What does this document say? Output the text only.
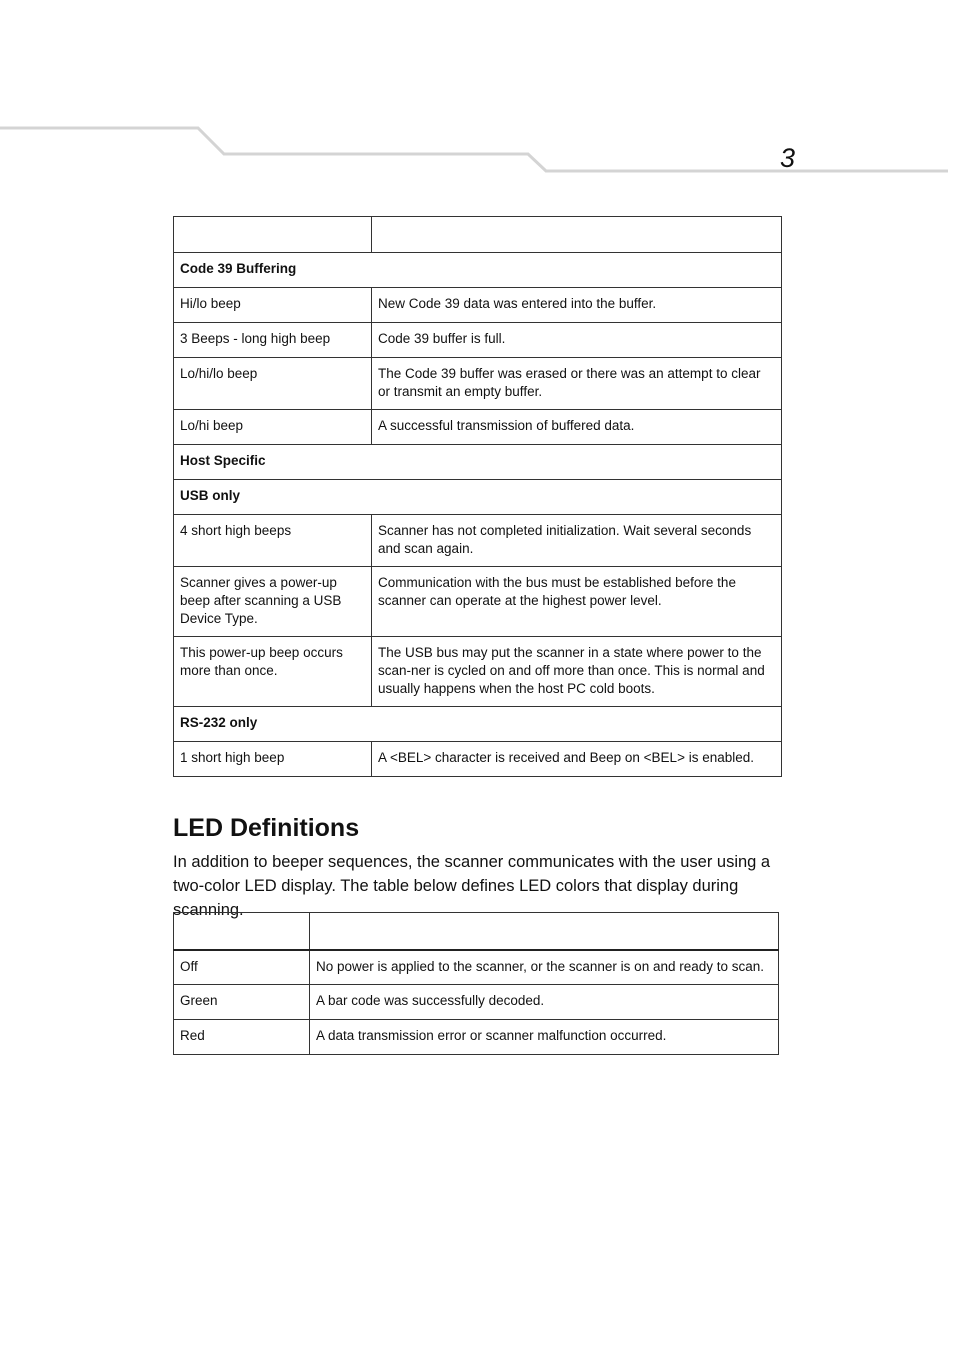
3

Code 39 Buffering	
Hi/lo beep	New Code 39 data was entered into the buffer.
3 Beeps - long high beep	Code 39 buffer is full.
Lo/hi/lo beep	The Code 39 buffer was erased or there was an attempt to clear or transmit an empty buffer.
Lo/hi beep	A successful transmission of buffered data.
Host Specific	
USB only	
4 short high beeps	Scanner has not completed initialization. Wait several seconds and scan again.
Scanner gives a power-up beep after scanning a USB Device Type.	Communication with the bus must be established before the scanner can operate at the highest power level.
This power-up beep occurs more than once.	The USB bus may put the scanner in a state where power to the scan-ner is cycled on and off more than once. This is normal and usually happens when the host PC cold boots.
RS-232 only	
1 short high beep	A <BEL> character is received and Beep on <BEL> is enabled.
LED Definitions

In addition to beeper sequences, the scanner communicates with the user using a two-color LED display. The table below defines LED colors that display during scanning.

Off	No power is applied to the scanner, or the scanner is on and ready to scan.
Green	A bar code was successfully decoded.
Red	A data transmission error or scanner malfunction occurred.
